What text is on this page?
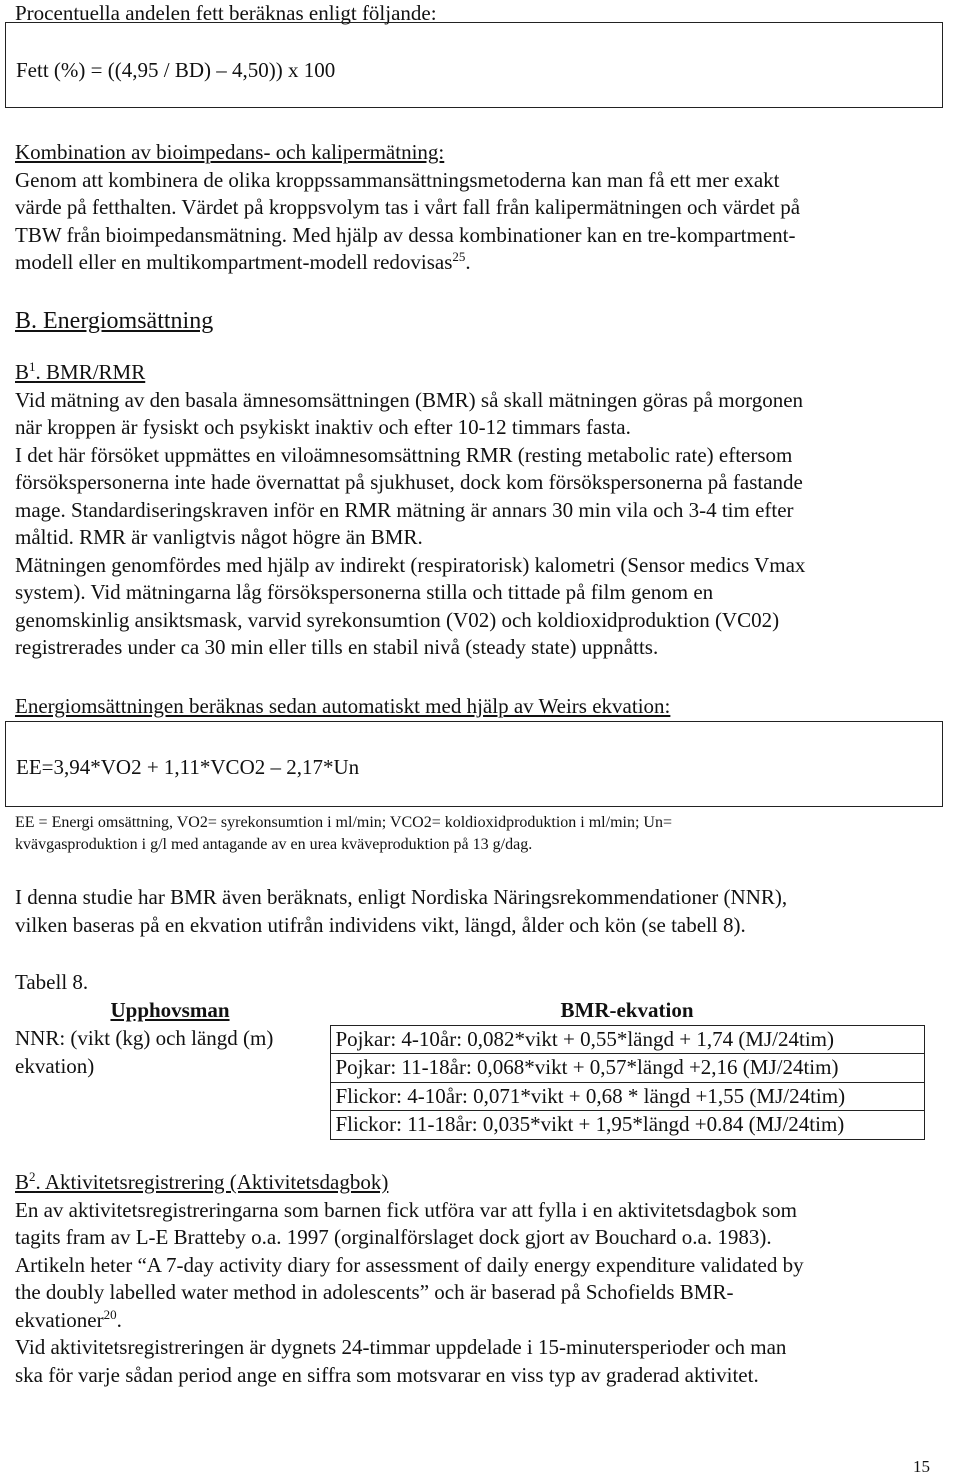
Procentuella andelen fett beräknas enligt följande:
Fett (%) = ((4,95 / BD) – 4,50)) x 100
Kombination av bioimpedans- och kalipermätning:
Genom att kombinera de olika kroppssammansättningsmetoderna kan man få ett mer exakt
värde på fetthalten. Värdet på kroppsvolym tas i vårt fall från kalipermätningen och värdet på
TBW från bioimpedansmätning. Med hjälp av dessa kombinationer kan en tre-kompartment-
modell eller en multikompartment-modell redovisas$^{25}$.
B. Energiomsättning
$B^1$. BMR/RMR
Vid mätning av den basala ämnesomsättningen (BMR) så skall mätningen göras på morgonen
när kroppen är fysiskt och psykiskt inaktiv och efter 10-12 timmars fasta.
I det här försöket uppmättes en viloämnesomsättning RMR (resting metabolic rate) eftersom
försökspersonerna inte hade övernattat på sjukhuset, dock kom försökspersonerna på fastande
mage. Standardiseringskraven inför en RMR mätning är annars 30 min vila och 3-4 tim efter
måltid. RMR är vanligtvis något högre än BMR.
Mätningen genomfördes med hjälp av indirekt (respiratorisk) kalometri (Sensor medics Vmax
system). Vid mätningarna låg försökspersonerna stilla och tittade på film genom en
genomskinlig ansiktsmask, varvid syrekonsumtion (V02) och koldioxidproduktion (VC02)
registrerades under ca 30 min eller tills en stabil nivå (steady state) uppnåtts.
Energiomsättningen beräknas sedan automatiskt med hjälp av Weirs ekvation:
EE=3,94*VO2 + 1,11*VCO2 – 2,17*Un
EE = Energi omsättning, VO2= syrekonsumtion i ml/min; VCO2= koldioxidproduktion i ml/min; Un=
kvävgasproduktion i g/l med antagande av en urea kväveproduktion på 13 g/dag.
I denna studie har BMR även beräknats, enligt Nordiska Näringsrekommendationer (NNR),
vilken baseras på en ekvation utifrån individens vikt, längd, ålder och kön (se tabell 8).
Tabell 8.
Upphovsman	BMR-ekvation

NNR: (vikt (kg) och längd (m)
ekvation)	Pojkar: 4-10år: 0,082*vikt + 0,55*längd + 1,74 (MJ/24tim)
	Pojkar: 11-18år: 0,068*vikt + 0,57*längd +2,16 (MJ/24tim)
	Flickor: 4-10år: 0,071*vikt + 0,68 * längd +1,55 (MJ/24tim)
	Flickor: 11-18år: 0,035*vikt + 1,95*längd +0.84 (MJ/24tim)
$B^2$. Aktivitetsregistrering (Aktivitetsdagbok)
En av aktivitetsregistreringarna som barnen fick utföra var att fylla i en aktivitetsdagbok som
tagits fram av L-E Bratteby o.a. 1997 (orginalförslaget dock gjort av Bouchard o.a. 1983).
Artikeln heter “A 7-day activity diary for assessment of daily energy expenditure validated by
the doubly labelled water method in adolescents” och är baserad på Schofields BMR-
ekvationer$^{20}$.
Vid aktivitetsregistreringen är dygnets 24-timmar uppdelade i 15-minutersperioder och man
ska för varje sådan period ange en siffra som motsvarar en viss typ av graderad aktivitet.
15
